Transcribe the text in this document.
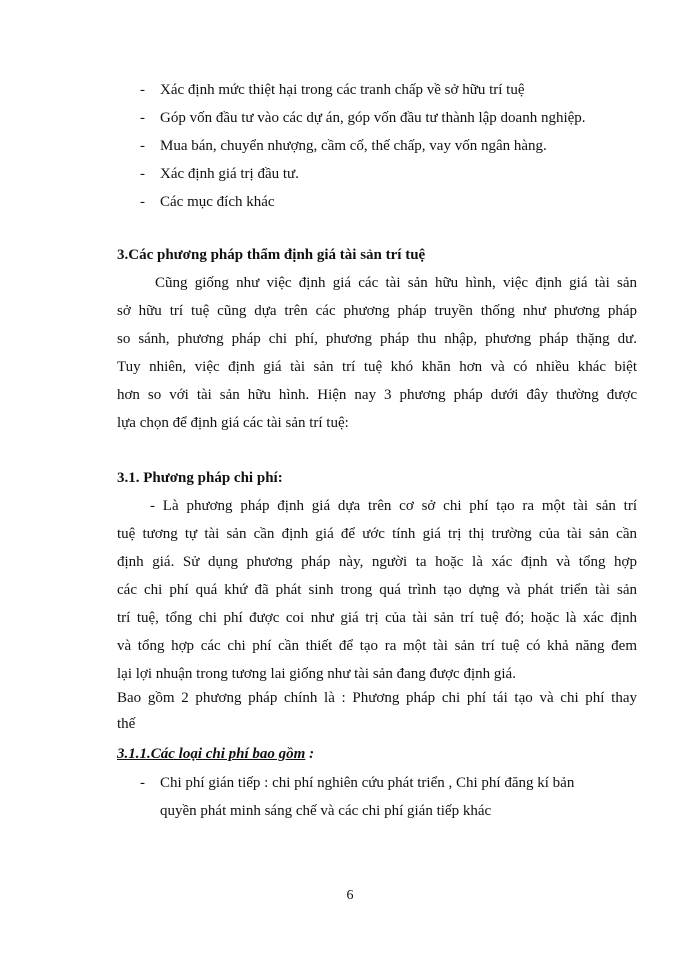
- Xác định mức thiệt hại trong các tranh chấp về sở hữu trí tuệ
- Góp vốn đầu tư vào các dự án, góp vốn đầu tư thành lập doanh nghiệp.
- Mua bán, chuyển nhượng, cầm cố, thế chấp, vay vốn ngân hàng.
- Xác định giá trị đầu tư.
- Các mục đích khác
3.Các phương pháp thẩm định giá tài sản trí tuệ
Cũng giống như việc định giá các tài sản hữu hình, việc định giá tài sản
sở hữu trí tuệ cũng dựa trên các phương pháp truyền thống như phương pháp
so sánh, phương pháp chi phí, phương pháp thu nhập, phương pháp thặng dư.
Tuy nhiên, việc định giá tài sản trí tuệ khó khăn hơn và có nhiều khác biệt
hơn so với tài sản hữu hình. Hiện nay 3 phương pháp dưới đây thường được
lựa chọn để định giá các tài sản trí tuệ:
3.1. Phương pháp chi phí:
- Là phương pháp định giá dựa trên cơ sở chi phí tạo ra một tài sản trí
tuệ tương tự tài sản cần định giá để ước tính giá trị thị trường của tài sản cần
định giá. Sử dụng phương pháp này, người ta hoặc là xác định và tổng hợp
các chi phí quá khứ đã phát sinh trong quá trình tạo dựng và phát triển tài sản
trí tuệ, tổng chi phí được coi như giá trị của tài sản trí tuệ đó; hoặc là xác định
và tổng hợp các chi phí cần thiết để tạo ra một tài sản trí tuệ có khả năng đem
lại lợi nhuận trong tương lai giống như tài sản đang được định giá.
Bao gồm 2 phương pháp chính là : Phương pháp chi phí tái tạo và chi phí thay
thế
3.1.1.Các loại chi phí bao gồm :
- Chi phí gián tiếp : chi phí nghiên cứu phát triển , Chi phí đăng kí bản
quyền phát minh sáng chế và các chi phí gián tiếp khác
6
